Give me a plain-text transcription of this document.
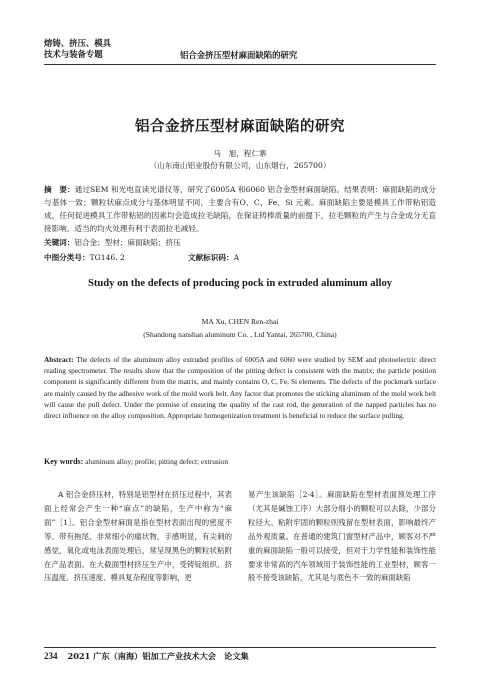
熔铸、挤压、模具
技术与装备专题	铝合金挤压型材麻面缺陷的研究
铝合金挤压型材麻面缺陷的研究
马　旭，程仁寨
（山东南山铝业股份有限公司，山东烟台，265700）
摘　要：通过SEM 和光电直读光谱仪等，研究了6005A 和6060 铝合金型材麻面缺陷。结果表明：麻面缺陷的成分与基体一致；颗粒状麻点成分与基体明显不同，主要含有O、C、Fe、Si 元素。麻面缺陷主要是模具工作带粘铝造成，任何促进模具工作带粘铝的因素均会造成拉毛缺陷，在保证铸棒质量的前提下，拉毛颗粒的产生与合金成分无直接影响。适当的均火处理有利于表面拉毛减轻。
关键词：铝合金；型材；麻面缺陷；挤压
中图分类号：TG146. 2	文献标识码：A
Study on the defects of producing pock in extruded aluminum alloy
MA Xu, CHEN Ren-zhai
(Shandong nanshan aluminum Co. , Ltd Yantai, 265700, China)
Abstract: The defects of the aluminum alloy extruded profiles of 6005A and 6060 were studied by SEM and photoelectric direct reading spectrometer. The results show that the composition of the pitting defect is consistent with the matrix; the particle position component is significantly different from the matrix, and mainly contains O, C, Fe, Si elements. The defects of the pockmark surface are mainly caused by the adhesive work of the mold work belt. Any factor that promotes the sticking aluminum of the mold work belt will cause the pull defect. Under the premise of ensuring the quality of the cast rod, the generation of the napped particles has no direct influence on the alloy composition. Appropriate homogenization treatment is beneficial to reduce the surface pulling.
Key words: aluminum alloy; profile; pitting defect; extrusion
A 铝合金挤压材，特别是铝型材在挤压过程中，其表面上经常会产生一种“麻点”的缺陷，生产中称为“麻面”［1］。铝合金型材麻面是指在型材表面出现的密度不等、带有拖尾、非常细小的瘤状物，手感明显，有尖刺的感觉，氧化或电泳表面处理后，常呈现黑色的颗粒状粘附在产品表面。在大截面型材挤压生产中，受铸锭组织、挤压温度、挤压速度、模具复杂程度等影响，更
易产生该缺陷［2-4］。麻面缺陷在型材表面预处理工序（尤其是碱蚀工序）大部分细小的颗粒可以去除，少部分粒径大、粘附牢固的颗粒则残留在型材表面，影响最终产品外观质量。在普通的建筑门窗型材产品中，顾客对不严重的麻面缺陷一般可以接受，但对于力学性能和装饰性能要求非常高的汽车领域用于装饰性能的工业型材，顾客一般不接受该缺陷，尤其是与底色不一致的麻面缺陷
234 2021 广东（南海）铝加工产业技术大会　论文集
